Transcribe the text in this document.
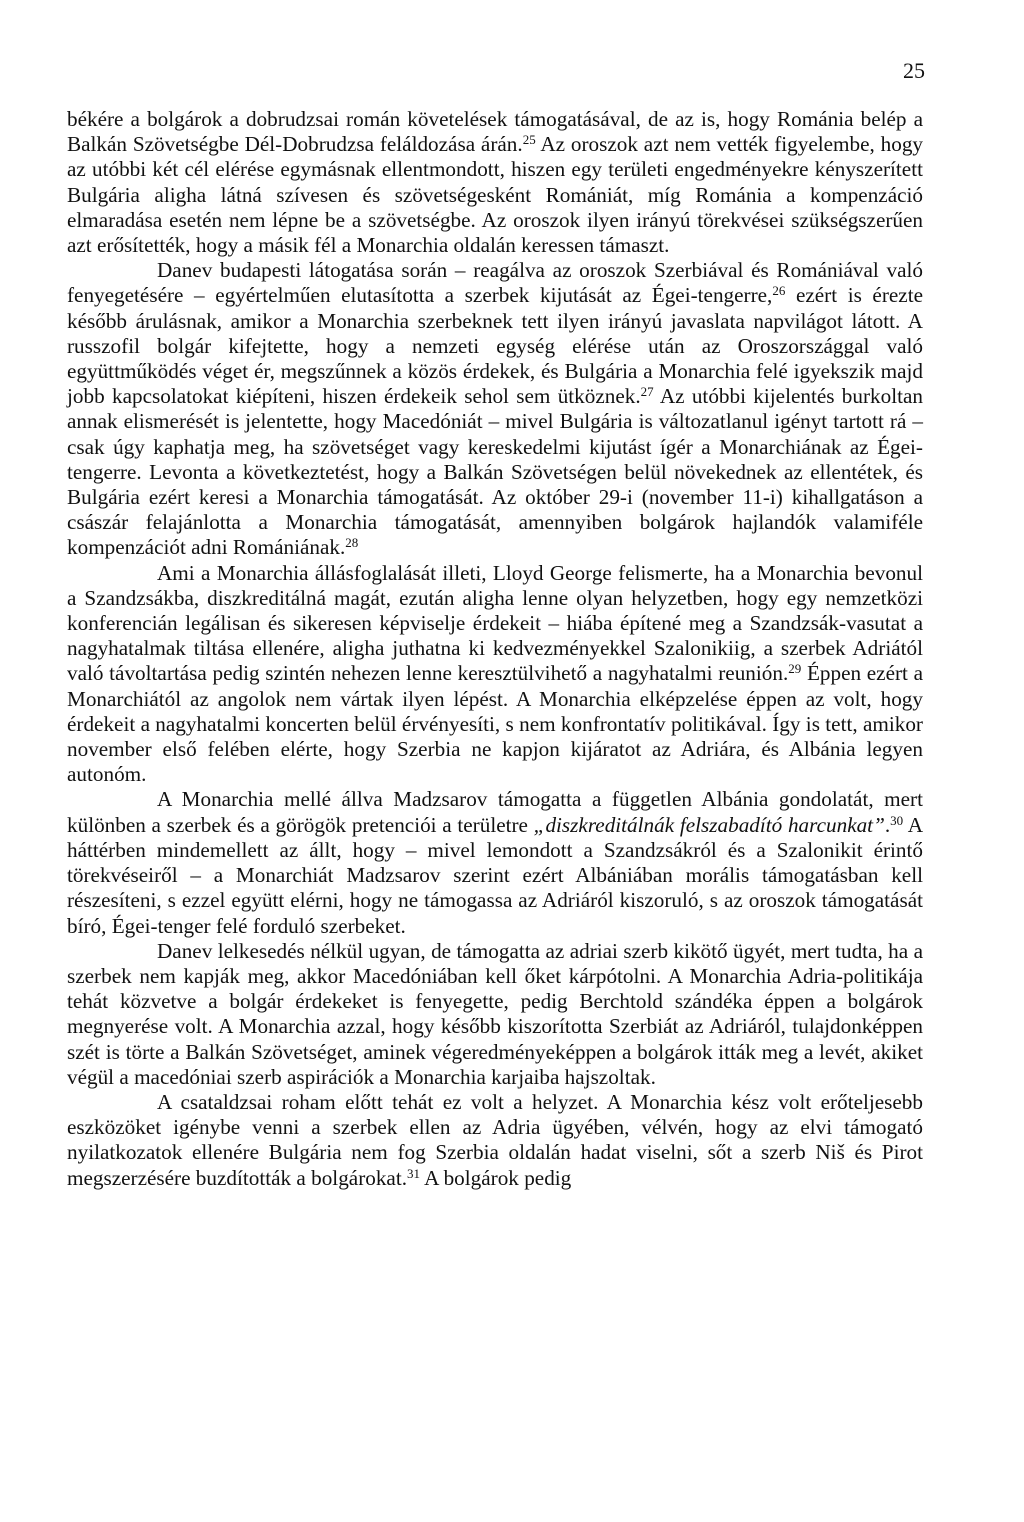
25

békére a bolgárok a dobrudzsai román követelések támogatásával, de az is, hogy Románia belép a Balkán Szövetségbe Dél-Dobrudzsa feláldozása árán.$^{25}$ Az oroszok azt nem vették figyelembe, hogy az utóbbi két cél elérése egymásnak ellentmondott, hiszen egy területi engedményekre kényszerített Bulgária aligha látná szívesen és szövetségesként Romániát, míg Románia a kompenzáció elmaradása esetén nem lépne be a szövetségbe. Az oroszok ilyen irányú törekvései szükségszerűen azt erősítették, hogy a másik fél a Monarchia oldalán keressen támaszt.

Danev budapesti látogatása során – reagálva az oroszok Szerbiával és Romániával való fenyegetésére – egyértelműen elutasította a szerbek kijutását az Égei-tengerre,$^{26}$ ezért is érezte később árulásnak, amikor a Monarchia szerbeknek tett ilyen irányú javaslata napvilágot látott. A russzofil bolgár kifejtette, hogy a nemzeti egység elérése után az Oroszországgal való együttműködés véget ér, megszűnnek a közös érdekek, és Bulgária a Monarchia felé igyekszik majd jobb kapcsolatokat kiépíteni, hiszen érdekeik sehol sem ütköznek.$^{27}$ Az utóbbi kijelentés burkoltan annak elismerését is jelentette, hogy Macedóniát – mivel Bulgária is változatlanul igényt tartott rá – csak úgy kaphatja meg, ha szövetséget vagy kereskedelmi kijutást ígér a Monarchiának az Égei-tengerre. Levonta a következtetést, hogy a Balkán Szövetségen belül növekednek az ellentétek, és Bulgária ezért keresi a Monarchia támogatását. Az október 29-i (november 11-i) kihallgatáson a császár felajánlotta a Monarchia támogatását, amennyiben bolgárok hajlandók valamiféle kompenzációt adni Romániának.$^{28}$

Ami a Monarchia állásfoglalását illeti, Lloyd George felismerte, ha a Monarchia bevonul a Szandzsákba, diszkreditálná magát, ezután aligha lenne olyan helyzetben, hogy egy nemzetközi konferencián legálisan és sikeresen képviselje érdekeit – hiába építené meg a Szandzsák-vasutat a nagyhatalmak tiltása ellenére, aligha juthatna ki kedvezményekkel Szalonikiig, a szerbek Adriától való távoltartása pedig szintén nehezen lenne keresztülvihető a nagyhatalmi reunión.$^{29}$ Éppen ezért a Monarchiától az angolok nem vártak ilyen lépést. A Monarchia elképzelése éppen az volt, hogy érdekeit a nagyhatalmi koncerten belül érvényesíti, s nem konfrontatív politikával. Így is tett, amikor november első felében elérte, hogy Szerbia ne kapjon kijáratot az Adriára, és Albánia legyen autonóm.

A Monarchia mellé állva Madzsarov támogatta a független Albánia gondolatát, mert különben a szerbek és a görögök pretenciói a területre „diszkreditálnák felszabadító harcunkat”.$^{30}$ A háttérben mindemellett az állt, hogy – mivel lemondott a Szandzsákról és a Szalonikit érintő törekvéseiről – a Monarchiát Madzsarov szerint ezért Albániában morális támogatásban kell részesíteni, s ezzel együtt elérni, hogy ne támogassa az Adriáról kiszoruló, s az oroszok támogatását bíró, Égei-tenger felé forduló szerbeket.

Danev lelkesedés nélkül ugyan, de támogatta az adriai szerb kikötő ügyét, mert tudta, ha a szerbek nem kapják meg, akkor Macedóniában kell őket kárpótolni. A Monarchia Adria-politikája tehát közvetve a bolgár érdekeket is fenyegette, pedig Berchtold szándéka éppen a bolgárok megnyerése volt. A Monarchia azzal, hogy később kiszorította Szerbiát az Adriáról, tulajdonképpen szét is törte a Balkán Szövetséget, aminek végeredményeképpen a bolgárok itták meg a levét, akiket végül a macedóniai szerb aspirációk a Monarchia karjaiba hajszoltak.

A csataldzsai roham előtt tehát ez volt a helyzet. A Monarchia kész volt erőteljesebb eszközöket igénybe venni a szerbek ellen az Adria ügyében, vélvén, hogy az elvi támogató nyilatkozatok ellenére Bulgária nem fog Szerbia oldalán hadat viselni, sőt a szerb Niš és Pirot megszerzésére buzdították a bolgárokat.$^{31}$ A bolgárok pedig
